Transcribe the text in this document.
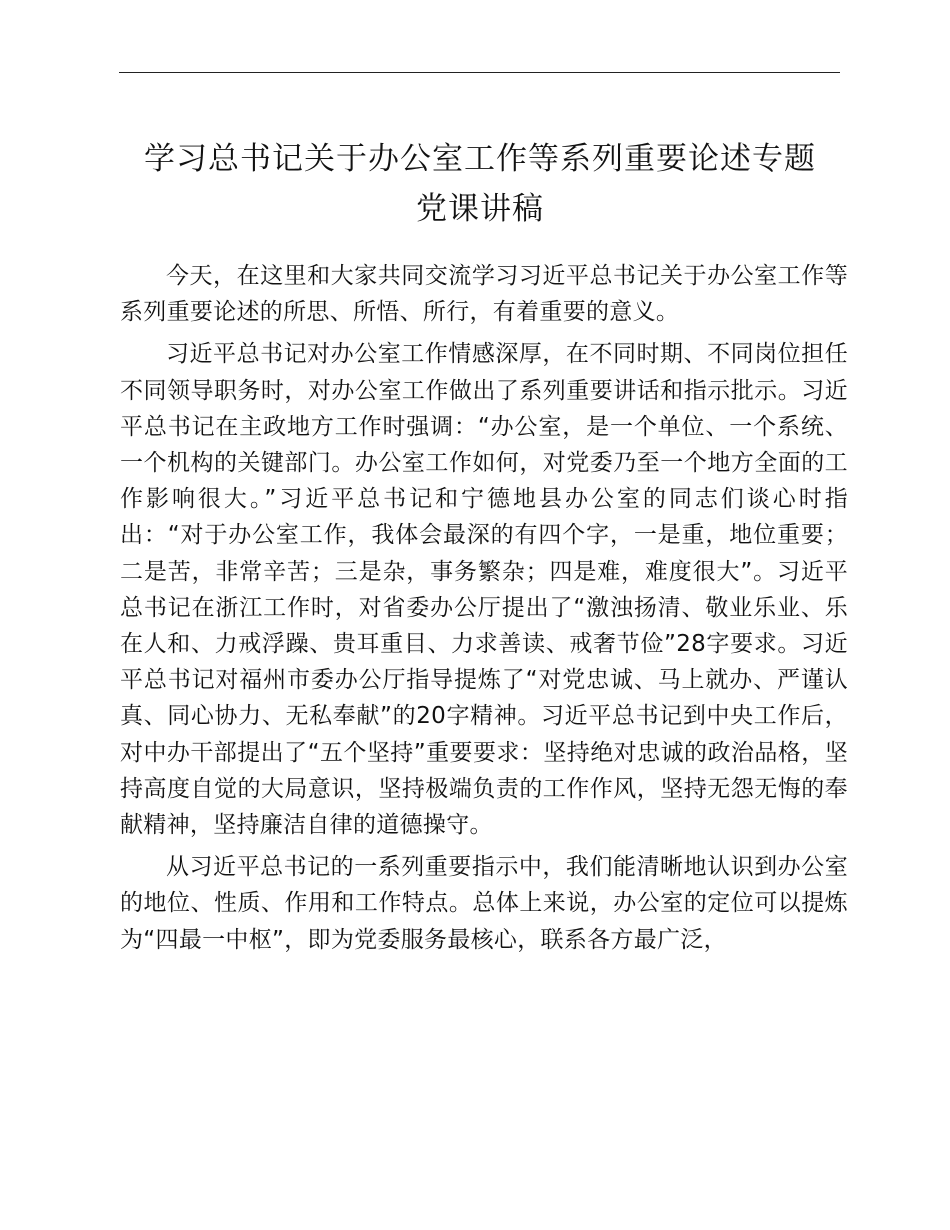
学习总书记关于办公室工作等系列重要论述专题
党课讲稿

今天，在这里和大家共同交流学习习近平总书记关于办公室工作等系列重要论述的所思、所悟、所行，有着重要的意义。

习近平总书记对办公室工作情感深厚，在不同时期、不同岗位担任不同领导职务时，对办公室工作做出了系列重要讲话和指示批示。习近平总书记在主政地方工作时强调：“办公室，是一个单位、一个系统、一个机构的关键部门。办公室工作如何，对党委乃至一个地方全面的工作影响很大。”习近平总书记和宁德地县办公室的同志们谈心时指出：“对于办公室工作，我体会最深的有四个字，一是重，地位重要；二是苦，非常辛苦；三是杂，事务繁杂；四是难，难度很大”。习近平总书记在浙江工作时，对省委办公厅提出了“激浊扬清、敬业乐业、乐在人和、力戒浮躁、贵耳重目、力求善读、戒奢节俭”28字要求。习近平总书记对福州市委办公厅指导提炼了“对党忠诚、马上就办、严谨认真、同心协力、无私奉献”的20字精神。习近平总书记到中央工作后，对中办干部提出了“五个坚持”重要要求：坚持绝对忠诚的政治品格，坚持高度自觉的大局意识，坚持极端负责的工作作风，坚持无怨无悔的奉献精神，坚持廉洁自律的道德操守。

从习近平总书记的一系列重要指示中，我们能清晰地认识到办公室的地位、性质、作用和工作特点。总体上来说，办公室的定位可以提炼为“四最一中枢”，即为党委服务最核心，联系各方最广泛，
